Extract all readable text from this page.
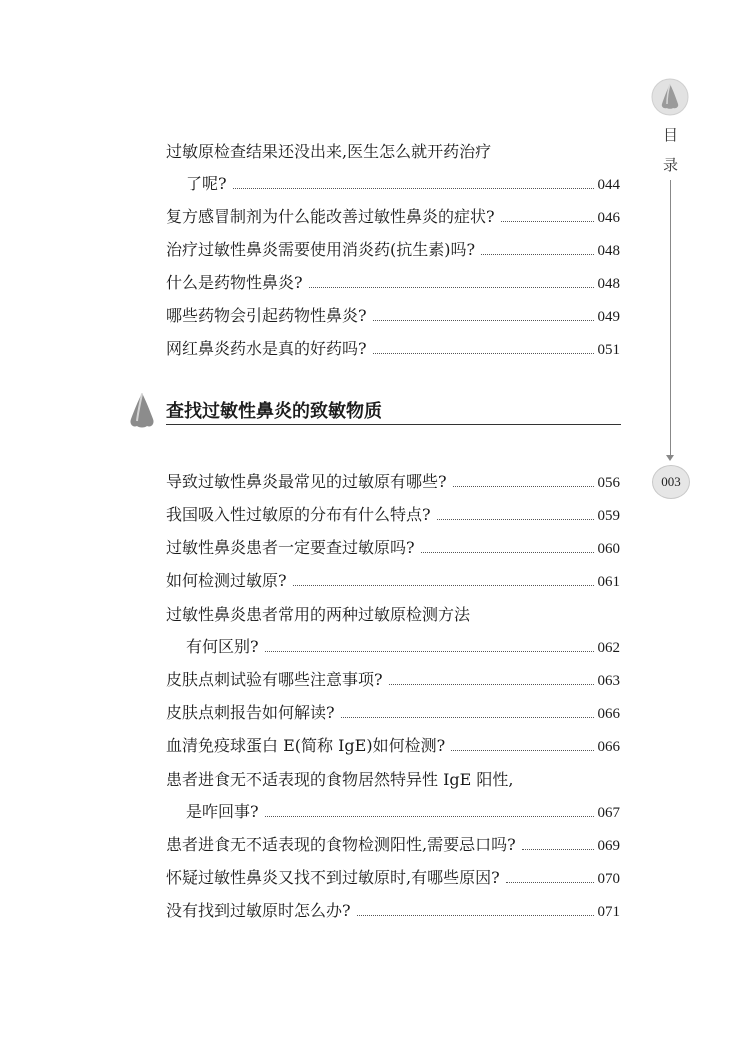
目
录
003
过敏原检查结果还没出来,医生怎么就开药治疗
了呢?	044
复方感冒制剂为什么能改善过敏性鼻炎的症状?	046
治疗过敏性鼻炎需要使用消炎药(抗生素)吗?	048
什么是药物性鼻炎?	048
哪些药物会引起药物性鼻炎?	049
网红鼻炎药水是真的好药吗?	051
查找过敏性鼻炎的致敏物质
导致过敏性鼻炎最常见的过敏原有哪些?	056
我国吸入性过敏原的分布有什么特点?	059
过敏性鼻炎患者一定要查过敏原吗?	060
如何检测过敏原?	061
过敏性鼻炎患者常用的两种过敏原检测方法
有何区别?	062
皮肤点刺试验有哪些注意事项?	063
皮肤点刺报告如何解读?	066
血清免疫球蛋白 E(简称 IgE)如何检测?	066
患者进食无不适表现的食物居然特异性 IgE 阳性,
是咋回事?	067
患者进食无不适表现的食物检测阳性,需要忌口吗?	069
怀疑过敏性鼻炎又找不到过敏原时,有哪些原因?	070
没有找到过敏原时怎么办?	071
